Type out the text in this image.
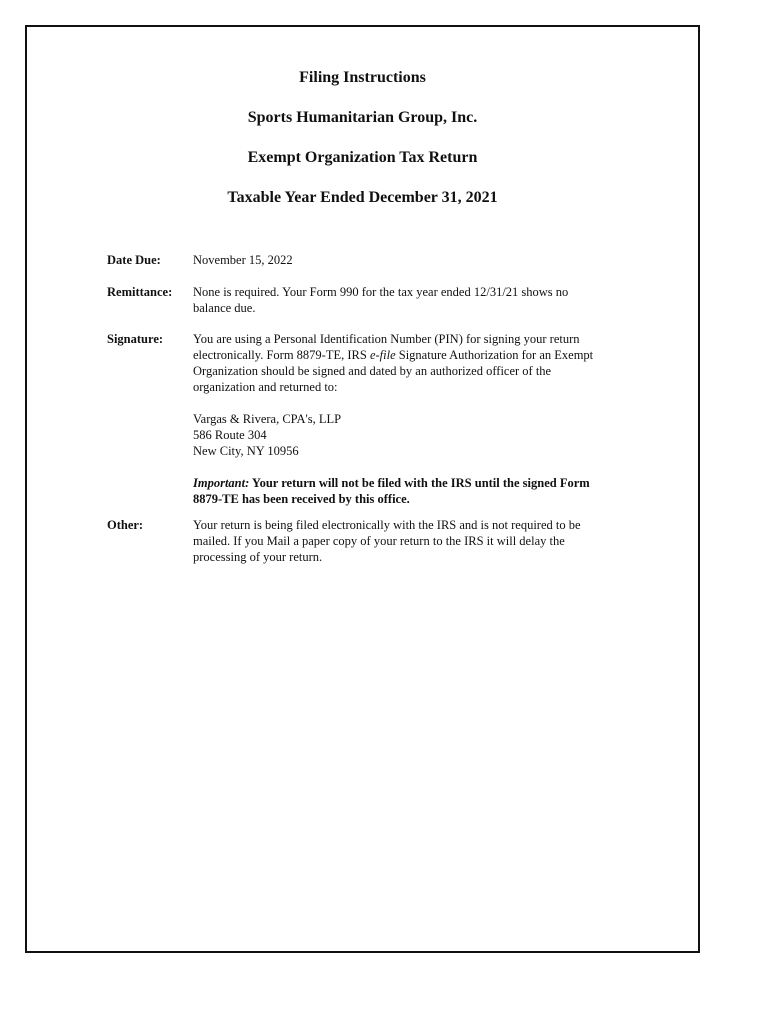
Filing Instructions
Sports Humanitarian Group, Inc.
Exempt Organization Tax Return
Taxable Year Ended December 31, 2021
Date Due:	November 15, 2022
Remittance:	None is required. Your Form 990 for the tax year ended 12/31/21 shows no
balance due.
Signature:	You are using a Personal Identification Number (PIN) for signing your return
electronically. Form 8879-TE, IRS e-file Signature Authorization for an Exempt
Organization should be signed and dated by an authorized officer of the
organization and returned to:
Vargas & Rivera, CPA's, LLP
586 Route 304
New City, NY 10956
Important: Your return will not be filed with the IRS until the signed Form
8879-TE has been received by this office.
Other:	Your return is being filed electronically with the IRS and is not required to be
mailed. If you Mail a paper copy of your return to the IRS it will delay the
processing of your return.
